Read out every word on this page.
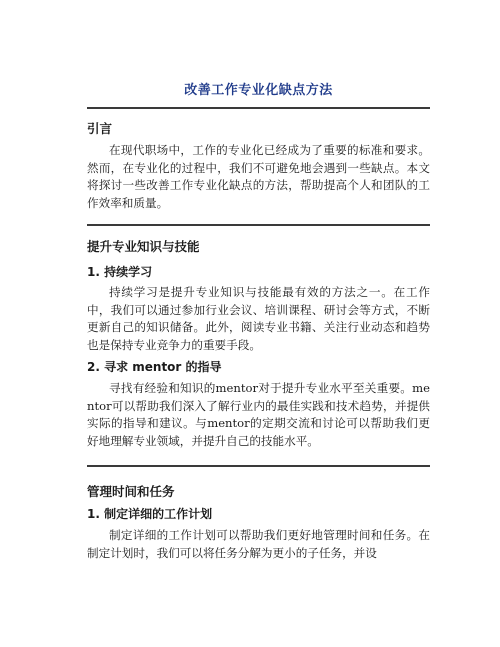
改善工作专业化缺点方法
引言

在现代职场中，工作的专业化已经成为了重要的标准和要求。然而，在专业化的过程中，我们不可避免地会遇到一些缺点。本文将探讨一些改善工作专业化缺点的方法，帮助提高个人和团队的工作效率和质量。

提升专业知识与技能
1. 持续学习

持续学习是提升专业知识与技能最有效的方法之一。在工作中，我们可以通过参加行业会议、培训课程、研讨会等方式，不断更新自己的知识储备。此外，阅读专业书籍、关注行业动态和趋势也是保持专业竞争力的重要手段。

2. 寻求 mentor 的指导

寻找有经验和知识的mentor对于提升专业水平至关重要。mentor可以帮助我们深入了解行业内的最佳实践和技术趋势，并提供实际的指导和建议。与mentor的定期交流和讨论可以帮助我们更好地理解专业领域，并提升自己的技能水平。

管理时间和任务
1. 制定详细的工作计划

制定详细的工作计划可以帮助我们更好地管理时间和任务。在制定计划时，我们可以将任务分解为更小的子任务，并设
